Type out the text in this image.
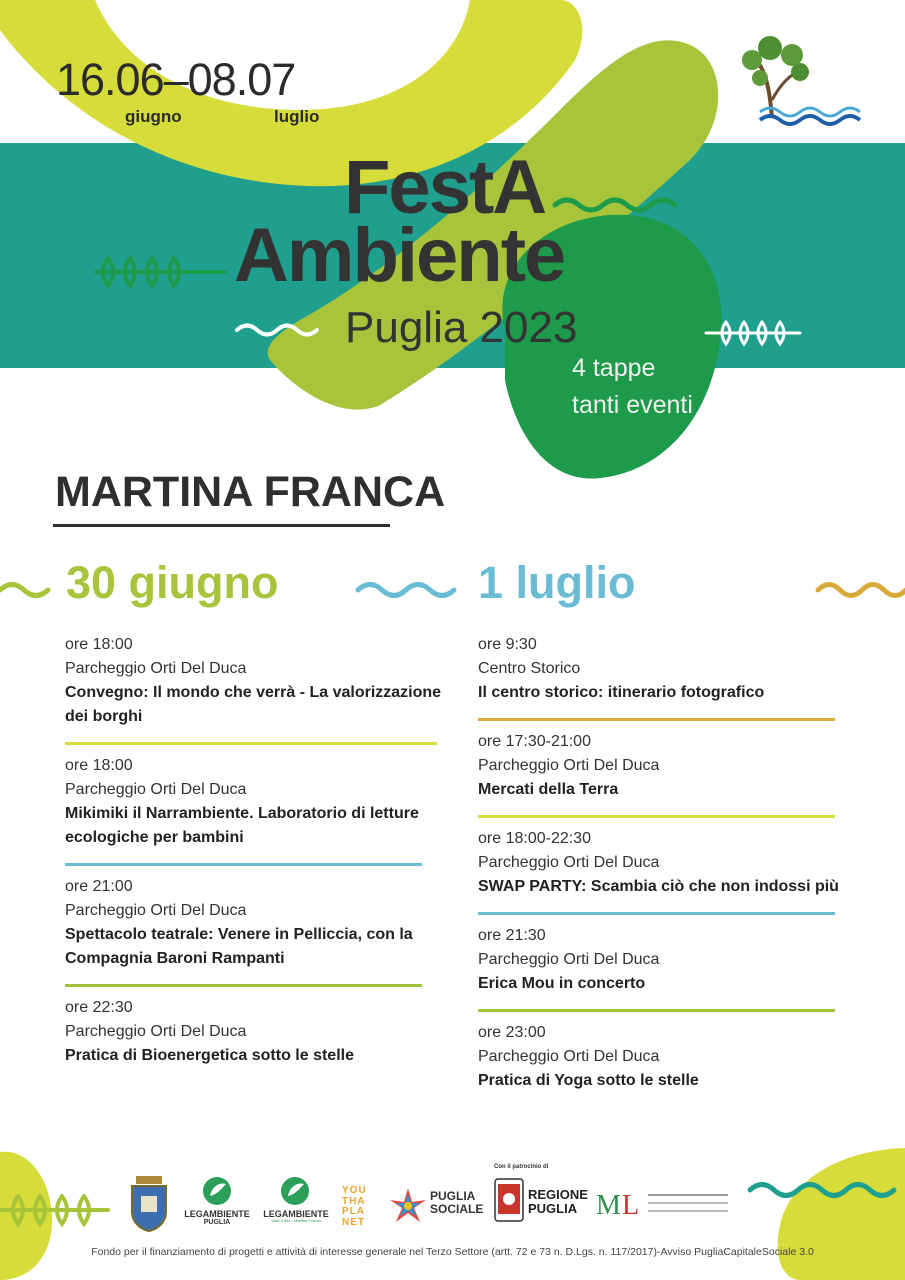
16.06–08.07
giugno	luglio
FestA
Ambiente
Puglia 2023
4 tappe
tanti eventi
MARTINA FRANCA
30 giugno	1 luglio
ore 18:00
Parcheggio Orti Del Duca
Convegno: Il mondo che verrà - La valorizzazione dei borghi
ore 18:00
Parcheggio Orti Del Duca
Mikimiki il Narrambiente. Laboratorio di letture ecologiche per bambini
ore 21:00
Parcheggio Orti Del Duca
Spettacolo teatrale: Venere in Pelliccia, con la Compagnia Baroni Rampanti
ore 22:30
Parcheggio Orti Del Duca
Pratica di Bioenergetica sotto le stelle
ore 9:30
Centro Storico
Il centro storico: itinerario fotografico
ore 17:30-21:00
Parcheggio Orti Del Duca
Mercati della Terra
ore 18:00-22:30
Parcheggio Orti Del Duca
SWAP PARTY: Scambia ciò che non indossi più
ore 21:30
Parcheggio Orti Del Duca
Erica Mou in concerto
ore 23:00
Parcheggio Orti Del Duca
Pratica di Yoga sotto le stelle
LEGAMBIENTE
PUGLIA
LEGAMBIENTE
Valle d'Itria - Martina Franca
YOU THA PLA NET
PUGLIA
SOCIALE
Con il patrocinio di
REGIONE
PUGLIA M L
Fondo per il finanziamento di progetti e attività di interesse generale nel Terzo Settore (artt. 72 e 73 n. D.Lgs. n. 117/2017)-Avviso PugliaCapitaleSociale 3.0
